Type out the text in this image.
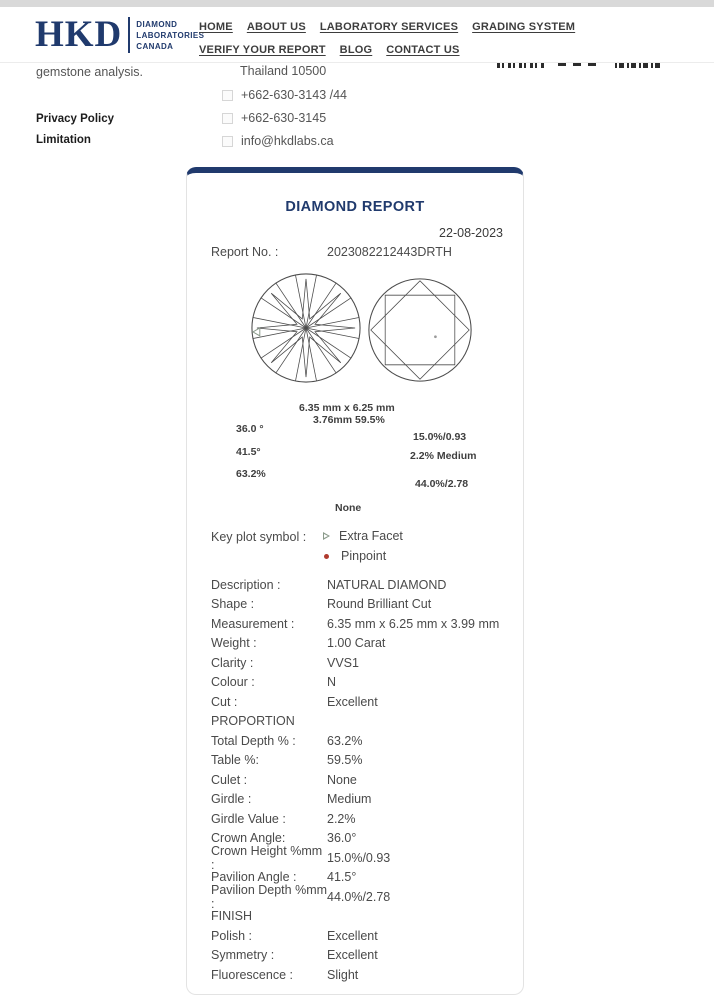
HKD DIAMOND
LABORATORIES
CANADA
HOME ABOUT US LABORATORY SERVICES GRADING SYSTEM
VERIFY YOUR REPORT BLOG CONTACT US
gemstone analysis.
Privacy Policy
Limitation
Thailand 10500
+662-630-3143 /44
+662-630-3145
info@hkdlabs.ca
DIAMOND REPORT
22-08-2023
Report No. :	2023082212443DRTH
6.35 mm x 6.25 mm
3.76mm 59.5%
36.0 °
41.5°
63.2%
15.0%/0.93
2.2% Medium
44.0%/2.78
None
Key plot symbol :	Extra Facet
Pinpoint
Description :	NATURAL DIAMOND
Shape :	Round Brilliant Cut
Measurement :	6.35 mm x 6.25 mm x 3.99 mm
Weight :	1.00 Carat
Clarity :	VVS1
Colour :	N
Cut :	Excellent
PROPORTION
Total Depth % :	63.2%
Table %:	59.5%
Culet :	None
Girdle :	Medium
Girdle Value :	2.2%
Crown Angle:	36.0°
Crown Height %mm :	15.0%/0.93
Pavilion Angle :	41.5°
Pavilion Depth %mm :	44.0%/2.78
FINISH
Polish :	Excellent
Symmetry :	Excellent
Fluorescence :	Slight
